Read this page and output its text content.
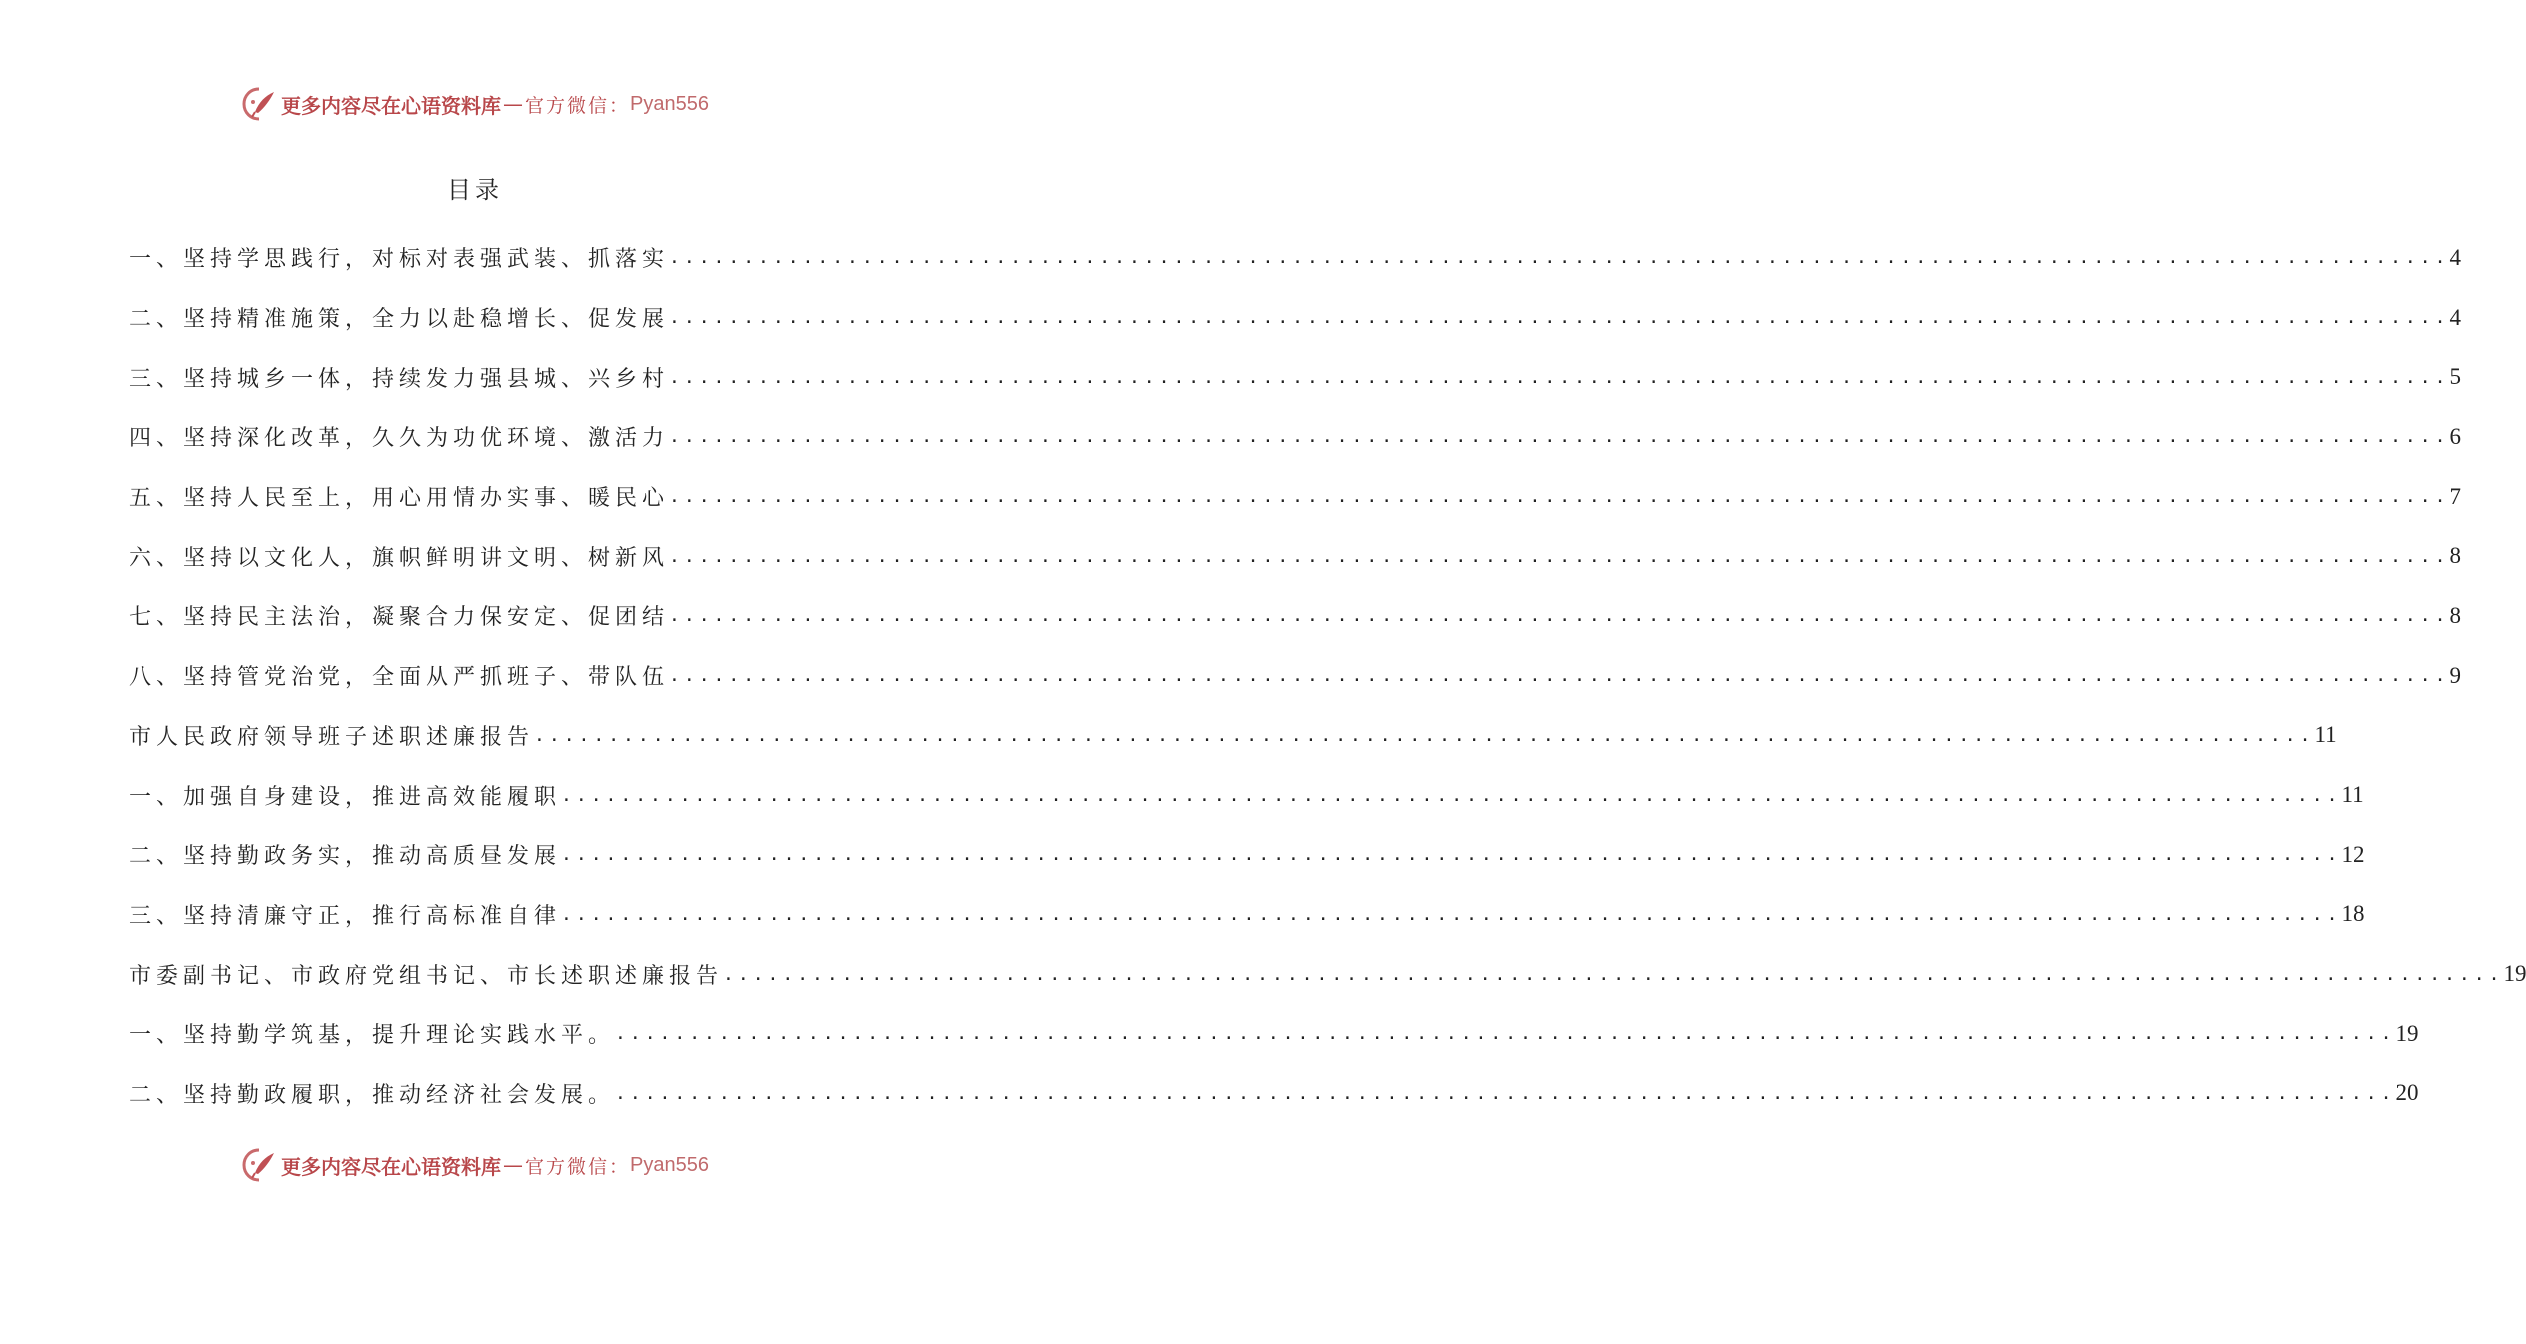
更多内容尽在心语资料库 — 官方微信： Pyan556
目录
一、坚持学思践行，对标对表强武装、抓落实 ........................................................................................................................ 4
二、坚持精准施策，全力以赴稳增长、促发展 ........................................................................................................................ 4
三、坚持城乡一体，持续发力强县城、兴乡村 ........................................................................................................................ 5
四、坚持深化改革，久久为功优环境、激活力 ........................................................................................................................ 6
五、坚持人民至上，用心用情办实事、暖民心 ........................................................................................................................ 7
六、坚持以文化人，旗帜鲜明讲文明、树新风 ........................................................................................................................ 8
七、坚持民主法治，凝聚合力保安定、促团结 ........................................................................................................................ 8
八、坚持管党治党，全面从严抓班子、带队伍 ........................................................................................................................ 9
市人民政府领导班子述职述廉报告 ........................................................................................................................ 11
一、加强自身建设，推进高效能履职 ........................................................................................................................ 11
二、坚持勤政务实，推动高质昼发展 ........................................................................................................................ 12
三、坚持清廉守正，推行高标准自律 ........................................................................................................................ 18
市委副书记、市政府党组书记、市长述职述廉报告 ........................................................................................................................ 19
一、坚持勤学筑基，提升理论实践水平。 ........................................................................................................................ 19
二、坚持勤政履职，推动经济社会发展。 ........................................................................................................................ 20
更多内容尽在心语资料库 — 官方微信： Pyan556
